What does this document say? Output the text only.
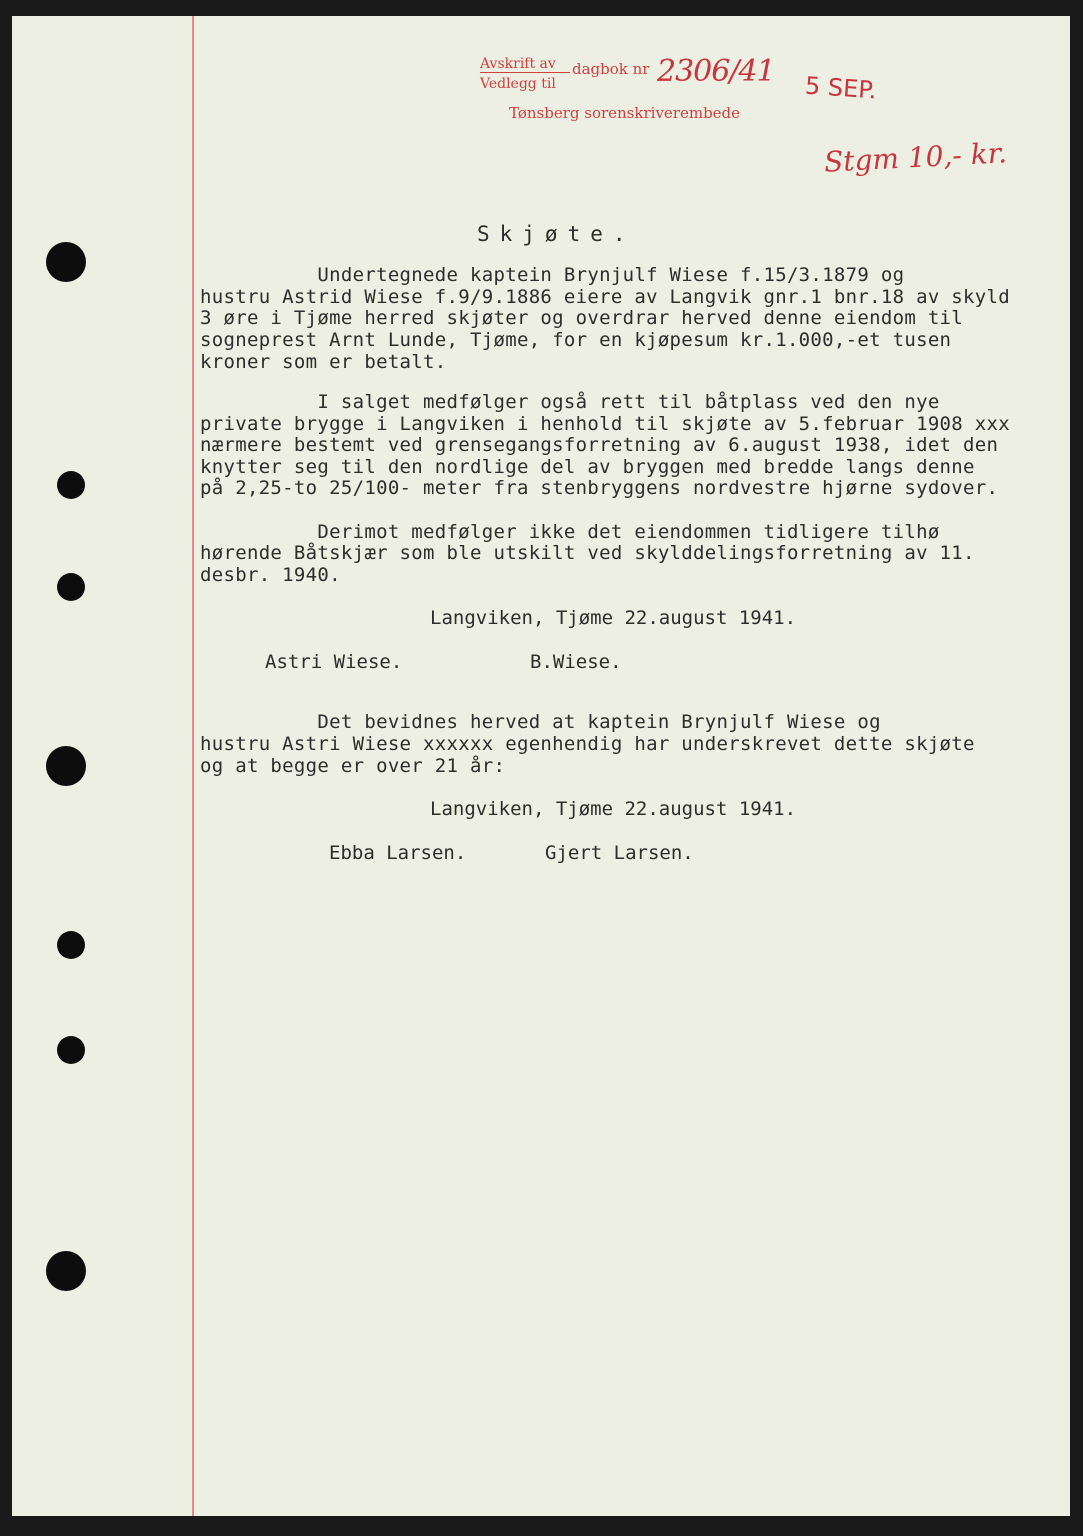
Avskrift av
Vedlegg til
dagbok nr 2306/41
Tønsberg sorenskriverembede
5 SEP.
Stgm 10,- kr.
Skjøte.

Undertegnede kaptein Brynjulf Wiese f.15/3.1879 og

hustru Astrid Wiese f.9/9.1886 eiere av Langvik gnr.1 bnr.18 av skyld

3 øre i Tjøme herred skjøter og overdrar herved denne eiendom til

sogneprest Arnt Lunde, Tjøme, for en kjøpesum kr.1.000,-et tusen

kroner som er betalt.

I salget medfølger også rett til båtplass ved den nye

private brygge i Langviken i henhold til skjøte av 5.februar 1908 xxx

nærmere bestemt ved grensegangsforretning av 6.august 1938, idet den

knytter seg til den nordlige del av bryggen med bredde langs denne

på 2,25-to 25/100- meter fra stenbryggens nordvestre hjørne sydover.

Derimot medfølger ikke det eiendommen tidligere tilhø

hørende Båtskjær som ble utskilt ved skylddelingsforretning av 11.

desbr. 1940.

Langviken, Tjøme 22.august 1941.

Astri Wiese.	B.Wiese.

Det bevidnes herved at kaptein Brynjulf Wiese og

hustru Astri Wiese xxxxxx egenhendig har underskrevet dette skjøte

og at begge er over 21 år:

Langviken, Tjøme 22.august 1941.

Ebba Larsen.	Gjert Larsen.
